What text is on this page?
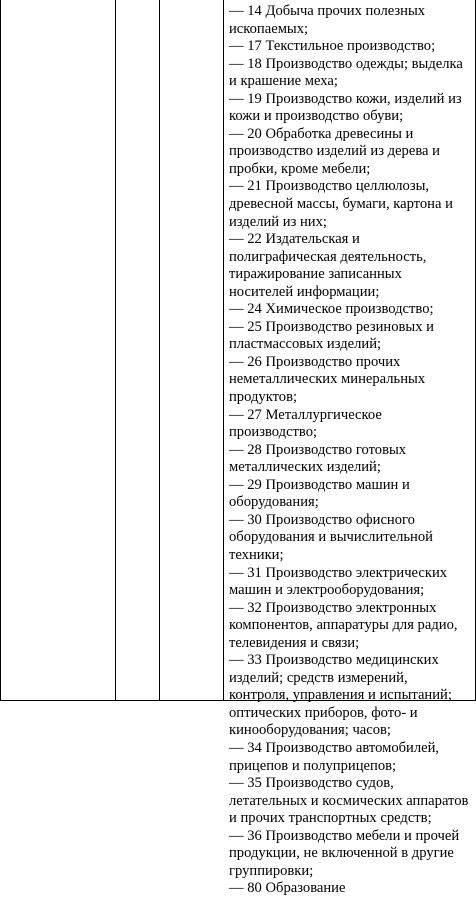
— 14 Добыча прочих полезных ископаемых;
— 17 Текстильное производство;
— 18 Производство одежды; выделка и крашение меха;
— 19 Производство кожи, изделий из кожи и производство обуви;
— 20 Обработка древесины и производство изделий из дерева и пробки, кроме мебели;
— 21 Производство целлюлозы, древесной массы, бумаги, картона и изделий из них;
— 22 Издательская и полиграфическая деятельность, тиражирование записанных носителей информации;
— 24 Химическое производство;
— 25 Производство резиновых и пластмассовых изделий;
— 26 Производство прочих неметаллических минеральных продуктов;
— 27 Металлургическое производство;
— 28 Производство готовых металлических изделий;
— 29 Производство машин и оборудования;
— 30 Производство офисного оборудования и вычислительной техники;
— 31 Производство электрических машин и электрооборудования;
— 32 Производство электронных компонентов, аппаратуры для радио, телевидения и связи;
— 33 Производство медицинских изделий; средств измерений, контроля, управления и испытаний; оптических приборов, фото- и кинооборудования; часов;
— 34 Производство автомобилей, прицепов и полуприцепов;
— 35 Производство судов, летательных и космических аппаратов и прочих транспортных средств;
— 36 Производство мебели и прочей продукции, не включенной в другие группировки;
— 80 Образование
